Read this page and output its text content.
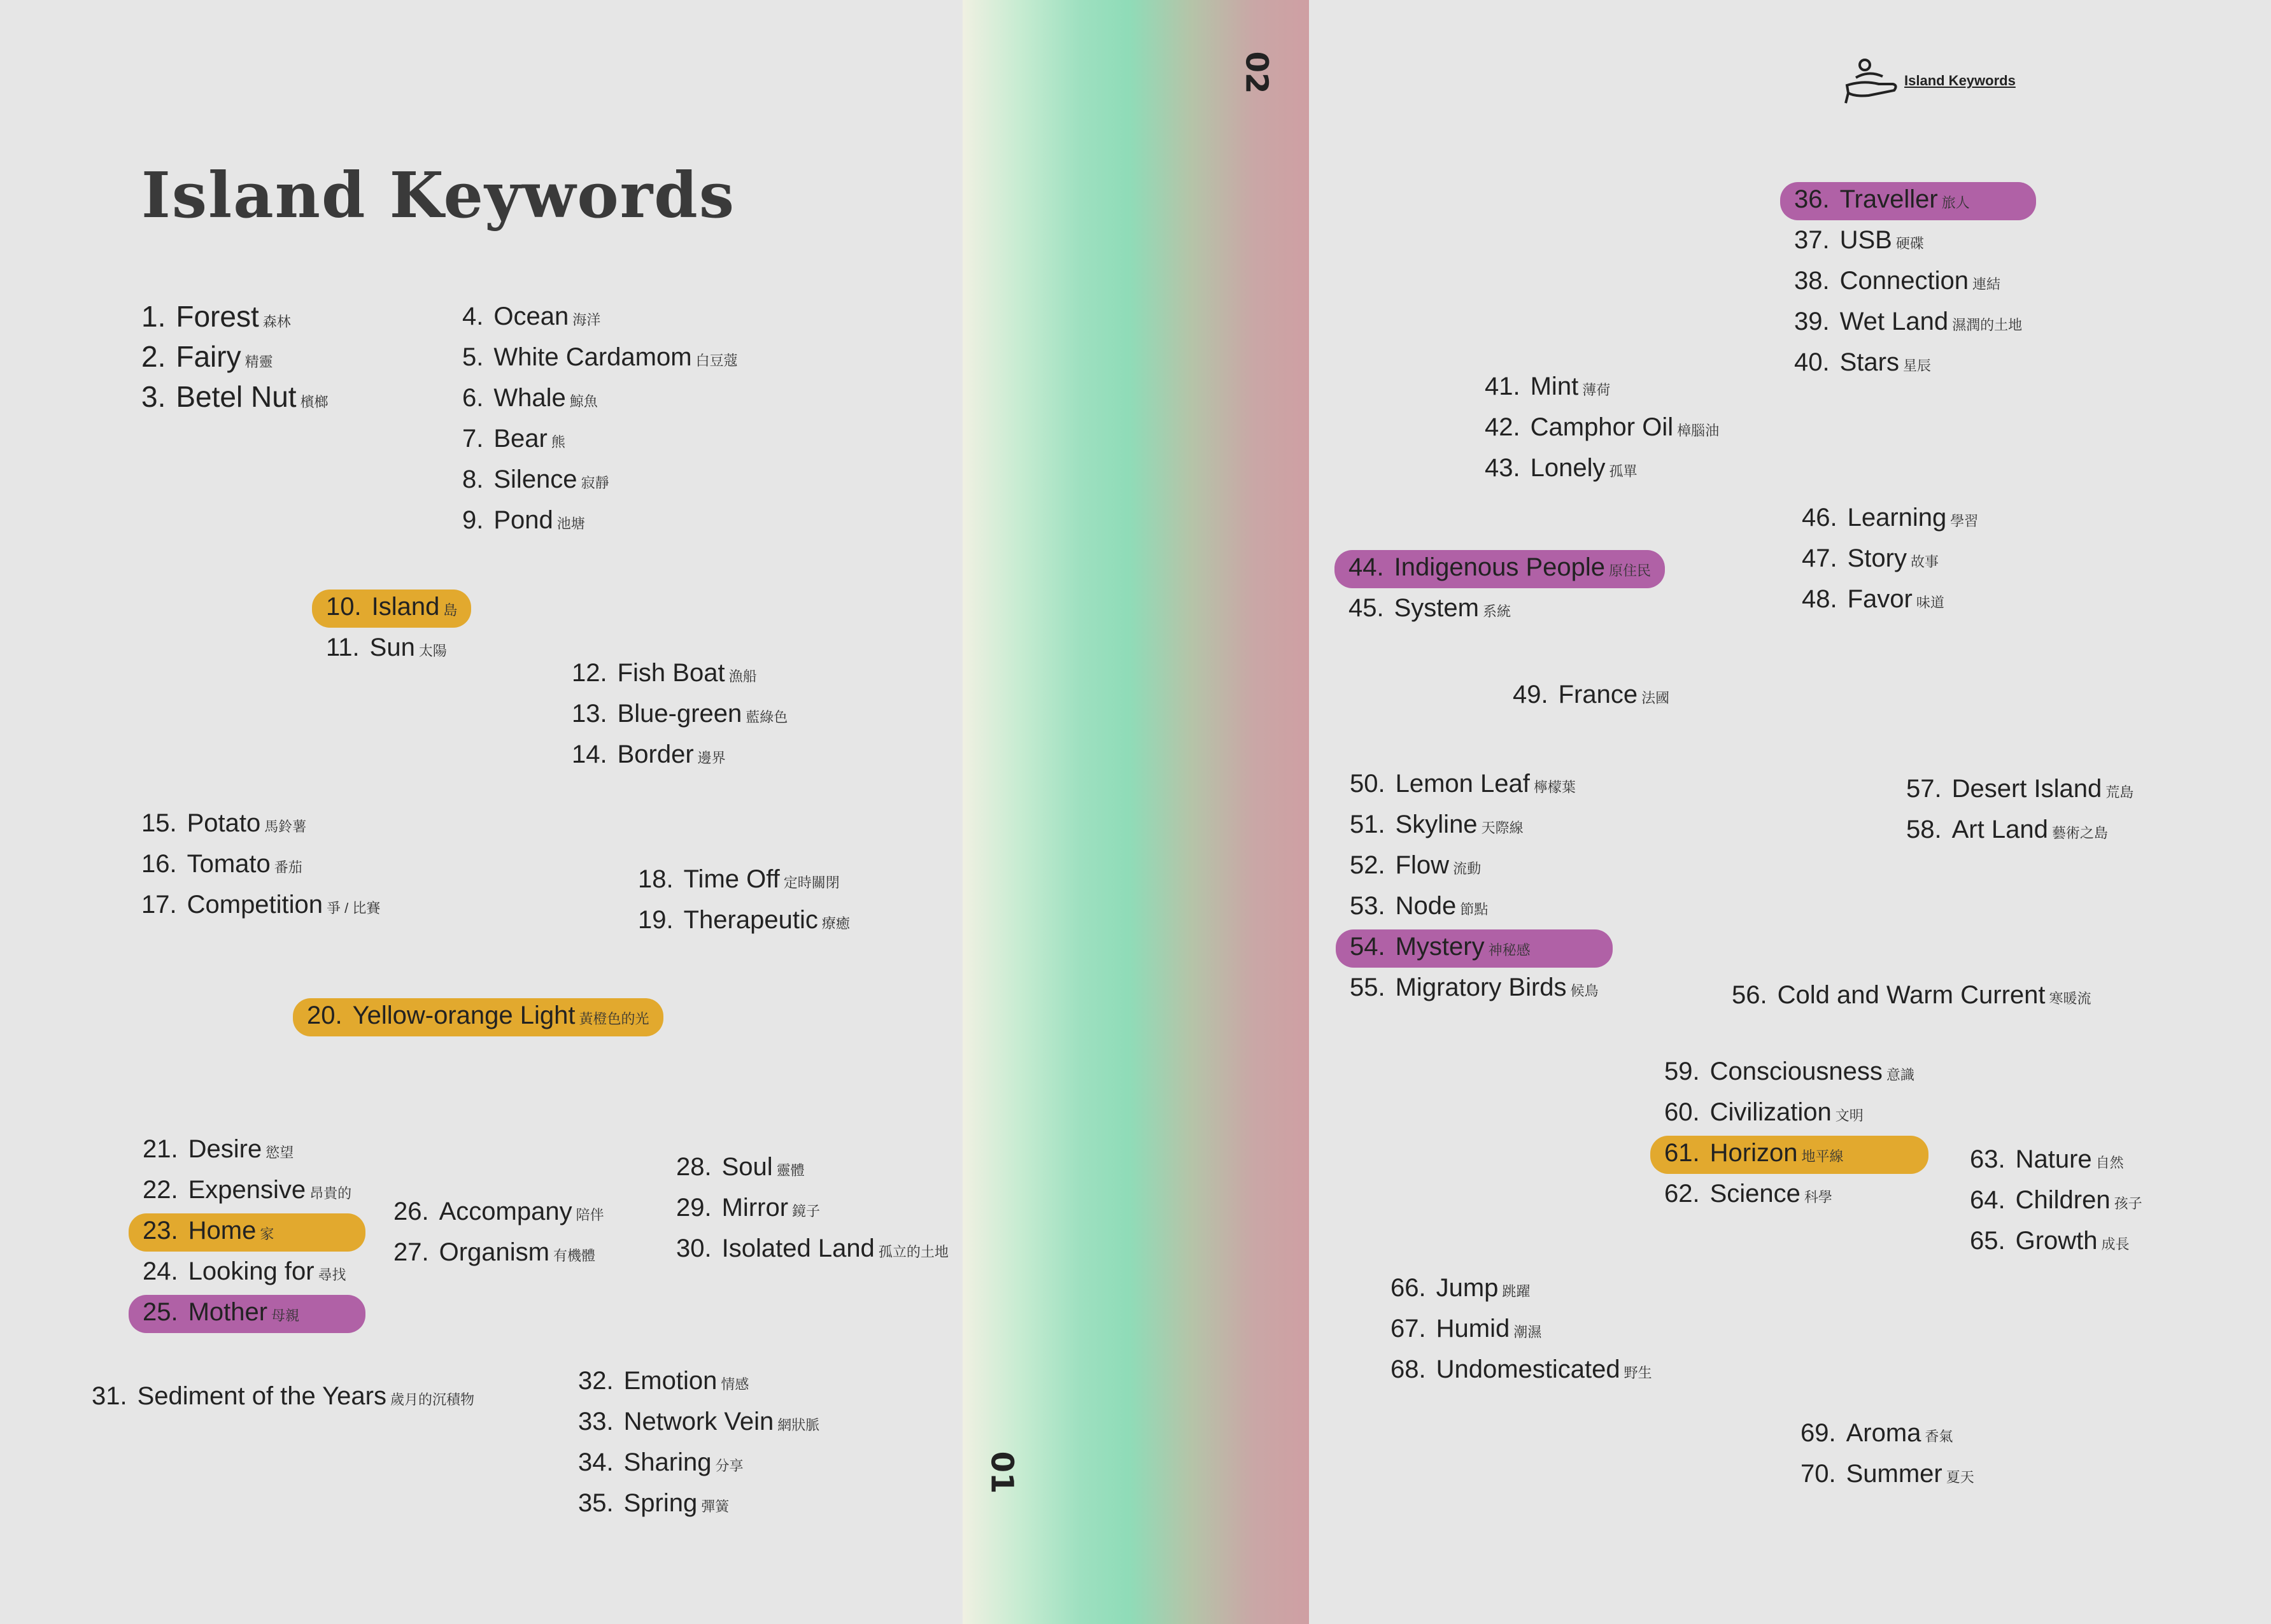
Island Keywords
01
02	Island Keywords
1. Forest 森林
2. Fairy 精靈
3. Betel Nut 檳榔
4. Ocean 海洋
5. White Cardamom 白豆蔻
6. Whale 鯨魚
7. Bear 熊
8. Silence 寂靜
9. Pond 池塘
10. Island 島
11. Sun 太陽
12. Fish Boat 漁船
13. Blue-green 藍綠色
14. Border 邊界
15. Potato 馬鈴薯
16. Tomato 番茄
17. Competition 爭 / 比賽
18. Time Off 定時關閉
19. Therapeutic 療癒
20. Yellow-orange Light 黃橙色的光
21. Desire 慾望
22. Expensive 昂貴的
23. Home 家
24. Looking for 尋找
25. Mother 母親
26. Accompany 陪伴
27. Organism 有機體
28. Soul 靈體
29. Mirror 鏡子
30. Isolated Land 孤立的土地
31. Sediment of the Years 歲月的沉積物
32. Emotion 情感
33. Network Vein 網狀脈
34. Sharing 分享
35. Spring 彈簧
36. Traveller 旅人
37. USB 硬碟
38. Connection 連結
39. Wet Land 濕潤的土地
40. Stars 星辰
41. Mint 薄荷
42. Camphor Oil 樟腦油
43. Lonely 孤單
44. Indigenous People 原住民
45. System 系統
46. Learning 學習
47. Story 故事
48. Favor 味道
49. France 法國
50. Lemon Leaf 檸檬葉
51. Skyline 天際線
52. Flow 流動
53. Node 節點
54. Mystery 神秘感
55. Migratory Birds 候鳥	56. Cold and Warm Current 寒暖流
57. Desert Island 荒島
58. Art Land 藝術之島
59. Consciousness 意識
60. Civilization 文明
61. Horizon 地平線
62. Science 科學
63. Nature 自然
64. Children 孩子
65. Growth 成長
66. Jump 跳躍
67. Humid 潮濕
68. Undomesticated 野生
69. Aroma 香氣
70. Summer 夏天
